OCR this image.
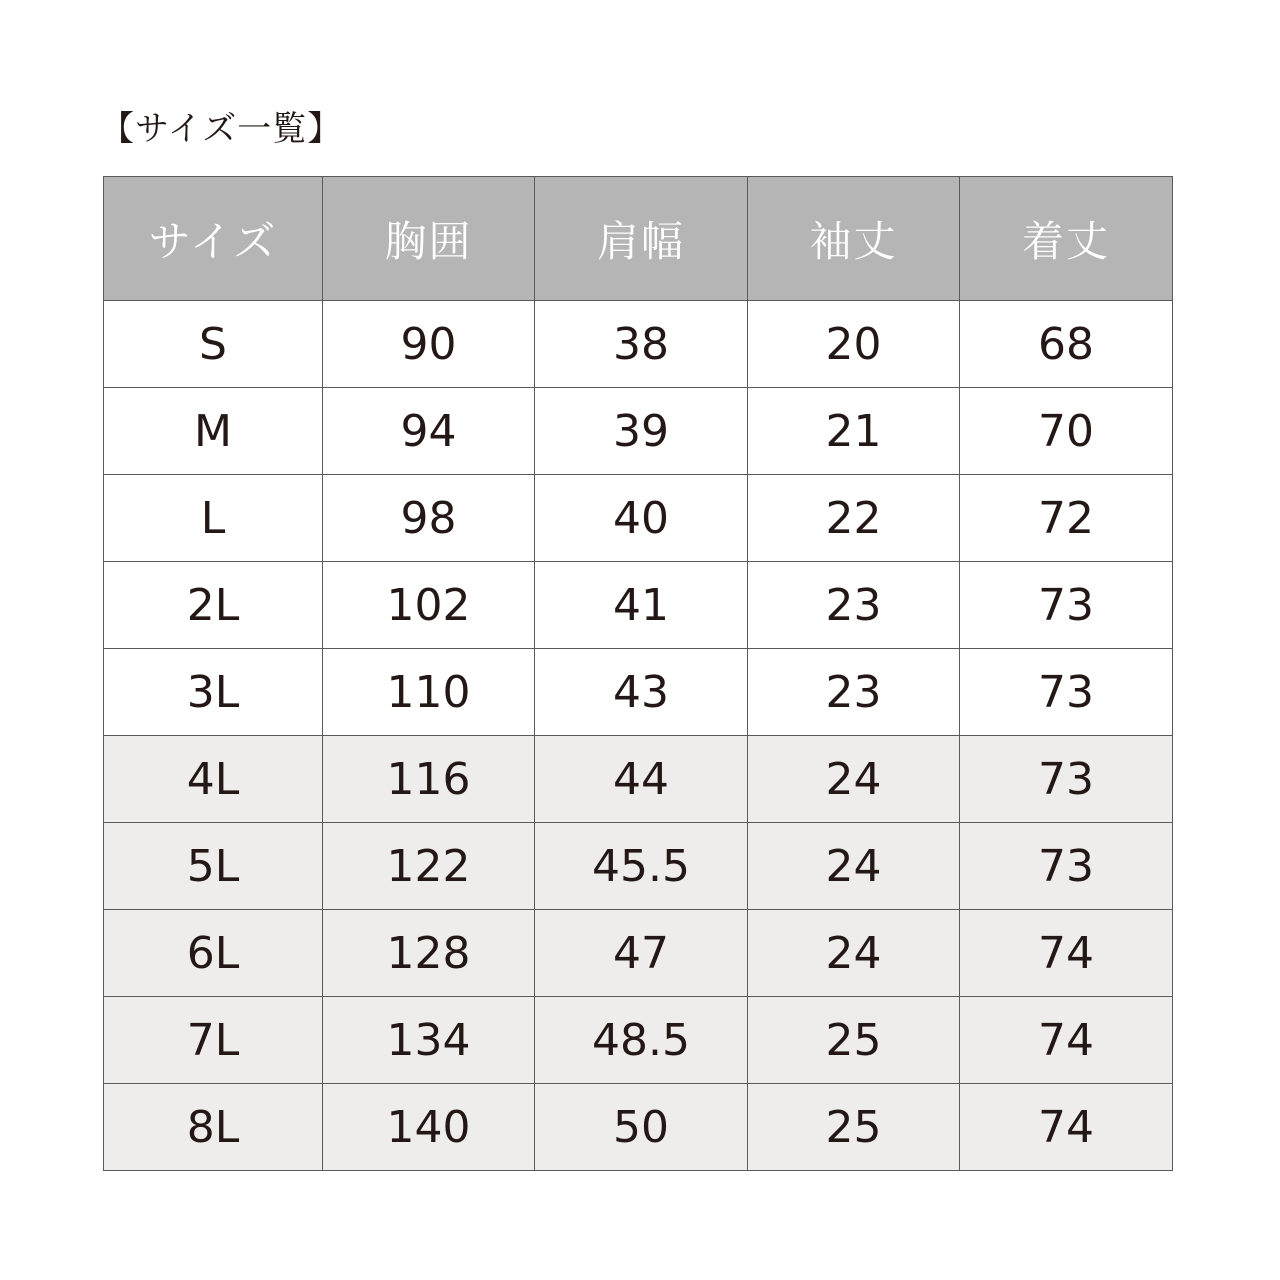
【サイズ一覧】
サイズ	胸囲	肩幅	袖丈	着丈
S	90	38	20	68
M	94	39	21	70
L	98	40	22	72
2L	102	41	23	73
3L	110	43	23	73
4L	116	44	24	73
5L	122	45.5	24	73
6L	128	47	24	74
7L	134	48.5	25	74
8L	140	50	25	74
